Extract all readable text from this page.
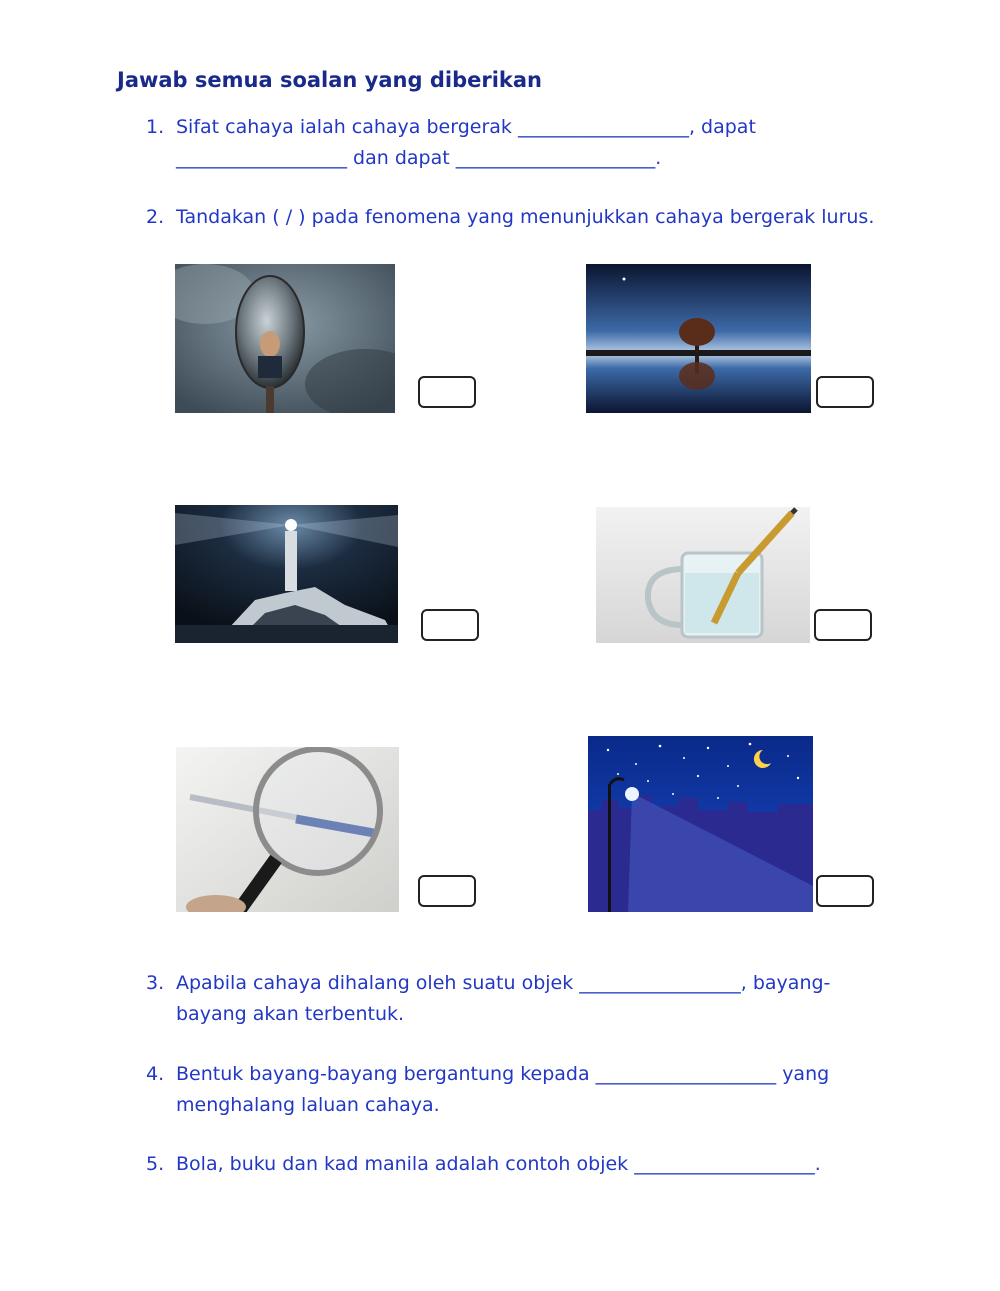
Jawab semua soalan yang diberikan
1. Sifat cahaya ialah cahaya bergerak __________________, dapat
__________________ dan dapat _____________________.
2. Tandakan ( / ) pada fenomena yang menunjukkan cahaya bergerak lurus.
3. Apabila cahaya dihalang oleh suatu objek _________________, bayang-
bayang akan terbentuk.
4. Bentuk bayang-bayang bergantung kepada ___________________ yang
menghalang laluan cahaya.
5. Bola, buku dan kad manila adalah contoh objek ___________________.
